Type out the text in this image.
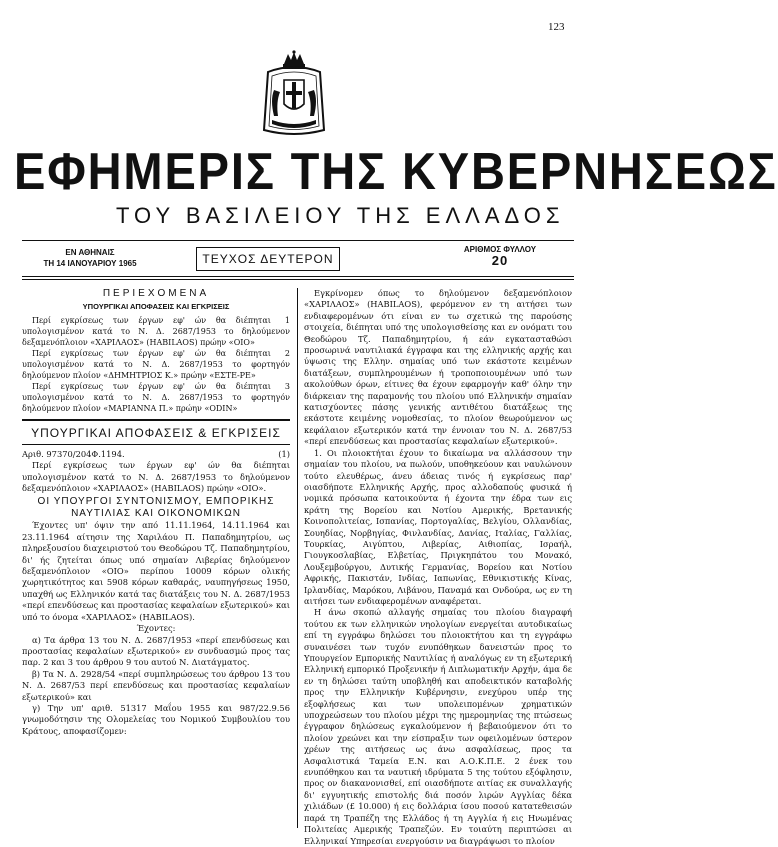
123
ΕΦΗΜΕΡΙΣ ΤΗΣ ΚΥΒΕΡΝΗΣΕΩΣ
ΤΟΥ ΒΑΣΙΛΕΙΟΥ ΤΗΣ ΕΛΛΑΔΟΣ
ΕΝ ΑΘΗΝΑΙΣ
ΤΗ 14 ΙΑΝΟΥΑΡΙΟΥ 1965	ΤΕΥΧΟΣ ΔΕΥΤΕΡΟΝ
ΑΡΙΘΜΟΣ ΦΥΛΛΟΥ
20

ΠΕΡΙΕΧΟΜΕΝΑ

ΥΠΟΥΡΓΙΚΑΙ ΑΠΟΦΑΣΕΙΣ ΚΑΙ ΕΓΚΡΙΣΕΙΣ

1
Περί εγκρίσεως των έργων εφ' ών θα διέπηται υπολογισμένον κατά το Ν. Δ. 2687/1953 το δηλούμενον δεξαμενόπλοιον «ΧΑΡΙΛΑΟΣ» (HABILAOS) πρώην «ΟΙΟ»

2
Περί εγκρίσεως των έργων εφ' ών θα διέπηται υπολογισμένον κατά το Ν. Δ. 2687/1953 το φορτηγόν δηλούμενον πλοίον «ΔΗΜΗΤΡΙΟΣ Κ.» πρώην «ΕΣΤΕ-ΡΕ»

3
Περί εγκρίσεως των έργων εφ' ών θα διέπηται υπολογισμένον κατά το Ν. Δ. 2687/1953 το φορτηγόν δηλούμενον πλοίον «ΜΑΡΙΑΝΝΑ Π.» πρώην «ODIN»

ΥΠΟΥΡΓΙΚΑΙ ΑΠΟΦΑΣΕΙΣ & ΕΓΚΡΙΣΕΙΣ
Αριθ. 97370/204Φ.1194.	(1)

Περί εγκρίσεως των έργων εφ' ών θα διέπηται υπολογισμένον κατά το Ν. Δ. 2687/1953 το δηλούμενον δεξαμενόπλοιον «ΧΑΡΙΛΑΟΣ» (HABILAOS) πρώην «ΟΙΟ».

ΟΙ ΥΠΟΥΡΓΟΙ ΣΥΝΤΟΝΙΣΜΟΥ, ΕΜΠΟΡΙΚΗΣ ΝΑΥΤΙΛΙΑΣ ΚΑΙ ΟΙΚΟΝΟΜΙΚΩΝ

Έχοντες υπ' όψιν την από 11.11.1964, 14.11.1964 και 23.11.1964 αίτησιν της Χαριλάου Π. Παπαδημητρίου, ως πληρεξουσίου διαχειριστού του Θεοδώρου Τζ. Παπαδημητρίου, δι' ής ζητείται όπως υπό σημαίαν Λιβερίας δηλούμενον δεξαμενόπλοιον «ΟΙΟ» περίπου 10009 κόρων ολικής χωρητικότητος και 5908 κόρων καθαράς, ναυπηγήσεως 1950, υπαχθή ως Ελληνικόν κατά τας διατάξεις του Ν. Δ. 2687/1953 «περί επενδύσεως και προστασίας κεφαλαίων εξωτερικού» και υπό το όνομα «ΧΑΡΙΛΑΟΣ» (HABILAOS).

Έχοντες:

α) Τα άρθρα 13 του Ν. Δ. 2687/1953 «περί επενδύσεως και προστασίας κεφαλαίων εξωτερικού» εν συνδυασμώ προς τας παρ. 2 και 3 του άρθρου 9 του αυτού Ν. Διατάγματος.

β) Τα Ν. Δ. 2928/54 «περί συμπληρώσεως του άρθρου 13 του Ν. Δ. 2687/53 περί επενδύσεως και προστασίας κεφαλαίων εξωτερικού» και

γ) Την υπ' αριθ. 51317 Μαΐου 1955 και 987/22.9.56 γνωμοδότησιν της Ολομελείας του Νομικού Συμβουλίου του Κράτους, αποφασίζομεν:

Εγκρίνομεν όπως το δηλούμενον δεξαμενόπλοιον «ΧΑΡΙΛΑΟΣ» (HABILAOS), φερόμενον εν τη αιτήσει των ενδιαφερομένων ότι είναι εν τω σχετικώ της παρούσης στοιχεία, διέπηται υπό της υπολογισθείσης και εν ονόματι του Θεοδώρου Τζ. Παπαδημητρίου, ή εάν εγκατασταθώσι προσωρινά ναυτιλιακά έγγραφα και της ελληνικής αρχής και ύψωσις της Ελλην. σημαίας υπό των εκάστοτε κειμένων διατάξεων, συμπληρουμένων ή τροποποιουμένων υπό των ακολούθων όρων, είτινες θα έχουν εφαρμογήν καθ' όλην την διάρκειαν της παραμονής του πλοίου υπό Ελληνικήν σημαίαν κατισχύοντες πάσης γενικής αντιθέτου διατάξεως της εκάστοτε κειμένης νομοθεσίας, το πλοίον θεωρούμενον ως κεφάλαιον εξωτερικόν κατά την έννοιαν του Ν. Δ. 2687/53 «περί επενδύσεως και προστασίας κεφαλαίων εξωτερικού».

1. Οι πλοιοκτήται έχουν το δικαίωμα να αλλάσσουν την σημαίαν του πλοίου, να πωλούν, υποθηκεύουν και ναυλώνουν τούτο ελευθέρως, άνευ άδειας τινός ή εγκρίσεως παρ' οιασδήποτε Ελληνικής Αρχής, προς αλλοδαπούς φυσικά ή νομικά πρόσωπα κατοικούντα ή έχοντα την έδρα των εις κράτη της Βορείου και Νοτίου Αμερικής, Βρετανικής Κοινοπολιτείας, Ισπανίας, Πορτογαλίας, Βελγίου, Ολλανδίας, Σουηδίας, Νορβηγίας, Φινλανδίας, Δανίας, Ιταλίας, Γαλλίας, Τουρκίας, Αιγύπτου, Λιβερίας, Αιθιοπίας, Ισραήλ, Γιουγκοσλαβίας, Ελβετίας, Πριγκηπάτου του Μονακό, Λουξεμβούργου, Δυτικής Γερμανίας, Βορείου και Νοτίου Αφρικής, Πακιστάν, Ινδίας, Ιαπωνίας, Εθνικιστικής Κίνας, Ιρλανδίας, Μαρόκου, Λιβάνου, Παναμά και Ονδούρα, ως εν τη αιτήσει των ενδιαφερομένων αναφέρεται.

Η άνω σκοπώ αλλαγής σημαίας του πλοίου διαγραφή τούτου εκ των ελληνικών νηολογίων ενεργείται αυτοδικαίως επί τη εγγράφω δηλώσει του πλοιοκτήτου και τη εγγράφω συναινέσει των τυχόν ενυπόθηκων δανειστών προς το Υπουργείον Εμπορικής Ναυτιλίας ή αναλόγως εν τη εξωτερική Ελληνική εμπορικό Προξενικήν ή Διπλωματικήν Αρχήν, άμα δε εν τη δηλώσει ταύτη υποβληθή και αποδεικτικόν καταβολής προς την Ελληνικήν Κυβέρνησιν, ενεχύρου υπέρ της εξοφλήσεως και των υπολειπομένων χρηματικών υποχρεώσεων του πλοίου μέχρι της ημερομηνίας της πτώσεως έγγραφον δηλώσεως εγκαλούμενον ή βεβαιούμενον ότι το πλοίον χρεώνει και την είσπραξιν των οφειλομένων ύστερον χρέων της αιτήσεως ως άνω ασφαλίσεως, προς τα Ασφαλιστικά Ταμεία Ε.Ν. και Α.Ο.Κ.Π.Ε. 2 ένεκ του ενυπόθηκου και τα ναυτική ιδρύματα 5 της τούτου εξόφλησιν, προς ον διακανονισθεί, επί οιασδήποτε αιτίας εκ συναλλαγής δι' εγγυητικής επιστολής διά ποσόν λιρών Αγγλίας δέκα χιλιάδων (£ 10.000) ή εις δολλάρια ίσου ποσού κατατεθεισών παρά τη Τραπέζη της Ελλάδος ή τη Αγγλία ή εις Ηνωμένας Πολιτείας Αμερικής Τραπεζών. Εν τοιαύτη περιπτώσει αι Ελληνικαί Υπηρεσίαι ενεργούσιν να διαγράψωσι το πλοίον
